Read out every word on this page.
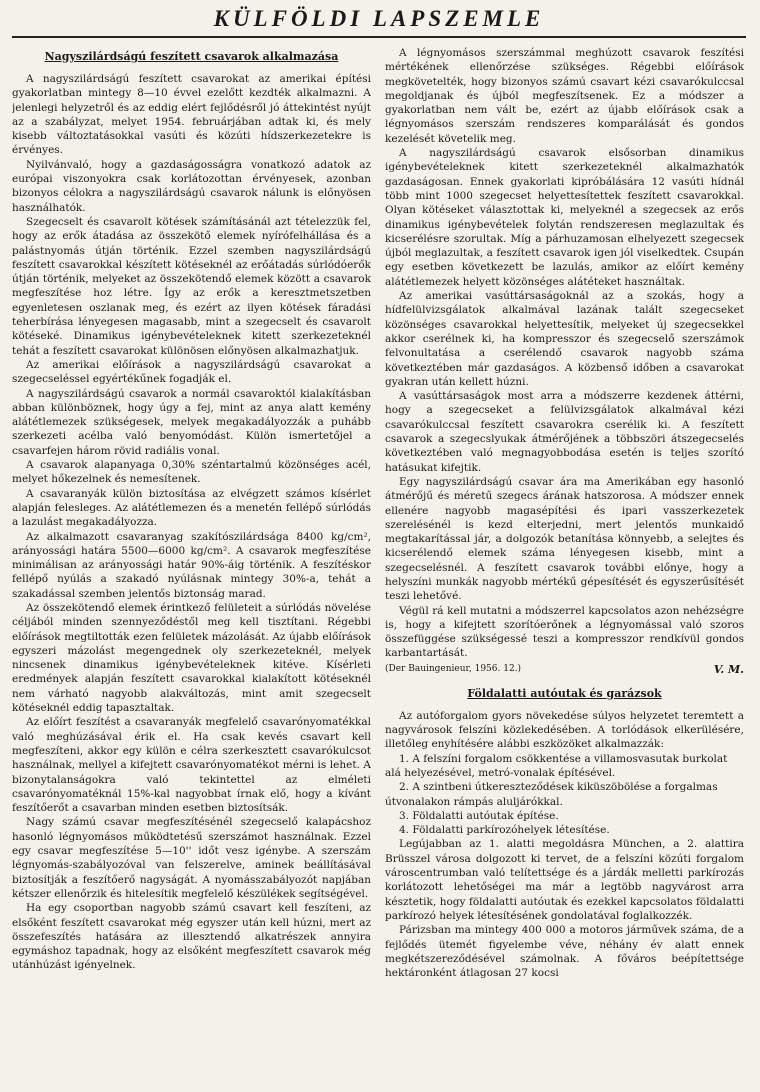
KÜLFÖLDI LAPSZEMLE
Nagyszilárdságú feszített csavarok alkalmazása

A nagyszilárdságú feszített csavarokat az amerikai építési gyakorlatban mintegy 8—10 évvel ezelőtt kezdték alkalmazni. A jelenlegi helyzetről és az eddig elért fejlődésről jó áttekintést nyújt az a szabályzat, melyet 1954. februárjában adtak ki, és mely kisebb változtatásokkal vasúti és közúti hídszerkezetekre is érvényes.

Nyilvánvaló, hogy a gazdaságosságra vonatkozó adatok az európai viszonyokra csak korlátozottan érvényesek, azonban bizonyos célokra a nagyszilárdságú csavarok nálunk is előnyösen használhatók.

Szegecselt és csavarolt kötések számításánál azt tételezzük fel, hogy az erők átadása az összekötő elemek nyírófelhállása és a palástnyomás útján történik. Ezzel szemben nagyszilárdságú feszített csavarokkal készített kötéseknél az erőátadás súrlódóerők útján történik, melyeket az összekötendő elemek között a csavarok megfeszítése hoz létre. Így az erők a keresztmetszetben egyenletesen oszlanak meg, és ezért az ilyen kötések fáradási teherbírása lényegesen magasabb, mint a szegecselt és csavarolt kötéseké. Dinamikus igénybevételeknek kitett szerkezeteknél tehát a feszített csavarokat különösen előnyösen alkalmazhatjuk.

Az amerikai előírások a nagyszilárdságú csavarokat a szegecseléssel egyértékűnek fogadják el.

A nagyszilárdságú csavarok a normál csavaroktól kialakításban abban különböznek, hogy úgy a fej, mint az anya alatt kemény alátétlemezek szükségesek, melyek megakadályozzák a puhább szerkezeti acélba való benyomódást. Külön ismertetőjel a csavarfejen három rövid radiális vonal.

A csavarok alapanyaga 0,30% széntartalmú közönséges acél, melyet hőkezelnek és nemesítenek.

A csavaranyák külön biztosítása az elvégzett számos kísérlet alapján felesleges. Az alátétlemezen és a menetén fellépő súrlódás a lazulást megakadályozza.

Az alkalmazott csavaranyag szakítószilárdsága 8400 kg/cm², arányossági határa 5500—6000 kg/cm². A csavarok megfeszítése minimálisan az arányossági határ 90%-áig történik. A feszítéskor fellépő nyúlás a szakadó nyúlásnak mintegy 30%-a, tehát a szakadással szemben jelentős biztonság marad.

Az összekötendő elemek érintkező felületeit a súrlódás növelése céljából minden szennyeződéstől meg kell tisztítani. Régebbi előírások megtiltották ezen felületek mázolását. Az újabb előírások egyszeri mázolást megengednek oly szerkezeteknél, melyek nincsenek dinamikus igénybevételeknek kitéve. Kísérleti eredmények alapján feszített csavarokkal kialakított kötéseknél nem várható nagyobb alakváltozás, mint amit szegecselt kötéseknél eddig tapasztaltak.

Az előírt feszítést a csavaranyák megfelelő csavarónyomatékkal való meghúzásával érik el. Ha csak kevés csavart kell megfeszíteni, akkor egy külön e célra szerkesztett csavarókulcsot használnak, mellyel a kifejtett csavarónyomatékot mérni is lehet. A bizonytalanságokra való tekintettel az elméleti csavarónyomatéknál 15%-kal nagyobbat írnak elő, hogy a kívánt feszítőerőt a csavarban minden esetben biztosítsák.

Nagy számú csavar megfeszítésénél szegecselő kalapácshoz hasonló légnyomásos működtetésű szerszámot használnak. Ezzel egy csavar megfeszítése 5—10'' időt vesz igénybe. A szerszám légnyomás-szabályozóval van felszerelve, aminek beállításával biztosítják a feszítőerő nagyságát. A nyomásszabályozót napjában kétszer ellenőrzik és hitelesítik megfelelő készülékek segítségével.

Ha egy csoportban nagyobb számú csavart kell feszíteni, az elsőként feszített csavarokat még egyszer után kell húzni, mert az összefeszítés hatására az illesztendő alkatrészek annyira egymáshoz tapadnak, hogy az elsőként megfeszített csavarok még utánhúzást igényelnek.

A légnyomásos szerszámmal meghúzott csavarok feszítési mértékének ellenőrzése szükséges. Régebbi előírások megkövetelték, hogy bizonyos számú csavart kézi csavarókulccsal megoldjanak és újból megfeszítsenek. Ez a módszer a gyakorlatban nem vált be, ezért az újabb előírások csak a légnyomásos szerszám rendszeres komparálását és gondos kezelését követelik meg.

A nagyszilárdságú csavarok elsősorban dinamikus igénybevételeknek kitett szerkezeteknél alkalmazhatók gazdaságosan. Ennek gyakorlati kipróbálására 12 vasúti hídnál több mint 1000 szegecset helyettesítettek feszített csavarokkal. Olyan kötéseket választottak ki, melyeknél a szegecsek az erős dinamikus igénybevételek folytán rendszeresen meglazultak és kicserélésre szorultak. Míg a párhuzamosan elhelyezett szegecsek újból meglazultak, a feszített csavarok igen jól viselkedtek. Csupán egy esetben következett be lazulás, amikor az előírt kemény alátétlemezek helyett közönséges alátéteket használtak.

Az amerikai vasúttársaságoknál az a szokás, hogy a hídfelülvizsgálatok alkalmával lazának talált szegecseket közönséges csavarokkal helyettesítik, melyeket új szegecsekkel akkor cserélnek ki, ha kompresszor és szegecselő szerszámok felvonultatása a cserélendő csavarok nagyobb száma következtében már gazdaságos. A közbenső időben a csavarokat gyakran után kellett húzni.

A vasúttársaságok most arra a módszerre kezdenek áttérni, hogy a szegecseket a felülvizsgálatok alkalmával kézi csavarókulccsal feszített csavarokra cserélik ki. A feszített csavarok a szegecslyukak átmérőjének a többszöri átszegecselés következtében való megnagyobbodása esetén is teljes szorító hatásukat kifejtik.

Egy nagyszilárdságú csavar ára ma Amerikában egy hasonló átmérőjű és méretű szegecs árának hatszorosa. A módszer ennek ellenére nagyobb magasépítési és ipari vasszerkezetek szerelésénél is kezd elterjedni, mert jelentős munkaidő megtakarítással jár, a dolgozók betanítása könnyebb, a selejtes és kicserélendő elemek száma lényegesen kisebb, mint a szegecselésnél. A feszített csavarok további előnye, hogy a helyszíni munkák nagyobb mértékű gépesítését és egyszerűsítését teszi lehetővé.

Végül rá kell mutatni a módszerrel kapcsolatos azon nehézségre is, hogy a kifejtett szorítóerőnek a légnyomással való szoros összefüggése szükségessé teszi a kompresszor rendkívül gondos karbantartását.

(Der Bauingenieur, 1956. 12.)	V. M.
Földalatti autóutak és garázsok

Az autóforgalom gyors növekedése súlyos helyzetet teremtett a nagyvárosok felszíni közlekedésében. A torlódások elkerülésére, illetőleg enyhítésére alábbi eszközöket alkalmazzák:

1. A felszíni forgalom csökkentése a villamosvasutak burkolat alá helyezésével, metró-vonalak építésével.
2. A szintbeni útkereszteződések kiküszöbölése a forgalmas útvonalakon rámpás aluljárókkal.
3. Földalatti autóutak építése.
4. Földalatti parkírozóhelyek létesítése.

Legújabban az 1. alatti megoldásra München, a 2. alattira Brüsszel városa dolgozott ki tervet, de a felszíni közúti forgalom városcentrumban való telítettsége és a járdák melletti parkírozás korlátozott lehetőségei ma már a legtöbb nagyvárost arra késztetik, hogy földalatti autóutak és ezekkel kapcsolatos földalatti parkírozó helyek létesítésének gondolatával foglalkozzék.

Párizsban ma mintegy 400 000 a motoros járművek száma, de a fejlődés ütemét figyelembe véve, néhány év alatt ennek megkétszereződésével számolnak. A főváros beépítettsége hektáronként átlagosan 27 kocsi
